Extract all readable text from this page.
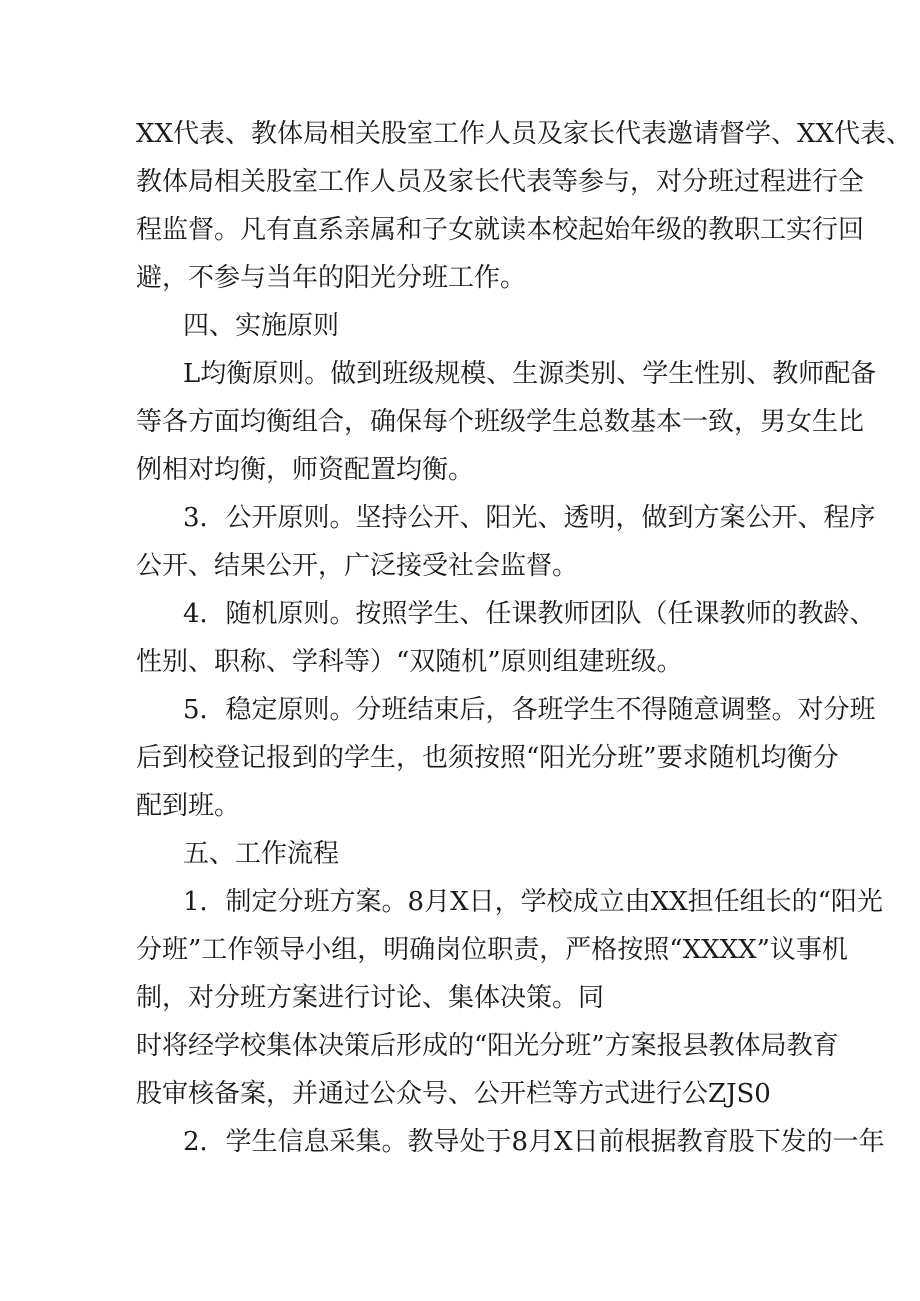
XX代表、教体局相关股室工作人员及家长代表邀请督学、XX代表、
教体局相关股室工作人员及家长代表等参与，对分班过程进行全
程监督。凡有直系亲属和子女就读本校起始年级的教职工实行回
避，不参与当年的阳光分班工作。
四、实施原则
L均衡原则。做到班级规模、生源类别、学生性别、教师配备
等各方面均衡组合，确保每个班级学生总数基本一致，男女生比
例相对均衡，师资配置均衡。
3．公开原则。坚持公开、阳光、透明，做到方案公开、程序
公开、结果公开，广泛接受社会监督。
4．随机原则。按照学生、任课教师团队（任课教师的教龄、
性别、职称、学科等）“双随机”原则组建班级。
5．稳定原则。分班结束后，各班学生不得随意调整。对分班
后到校登记报到的学生，也须按照“阳光分班”要求随机均衡分
配到班。
五、工作流程
1．制定分班方案。8月X日，学校成立由XX担任组长的“阳光
分班”工作领导小组，明确岗位职责，严格按照“XXXX”议事机
制，对分班方案进行讨论、集体决策。同
时将经学校集体决策后形成的“阳光分班”方案报县教体局教育
股审核备案，并通过公众号、公开栏等方式进行公ZJS0
2．学生信息采集。教导处于8月X日前根据教育股下发的一年
